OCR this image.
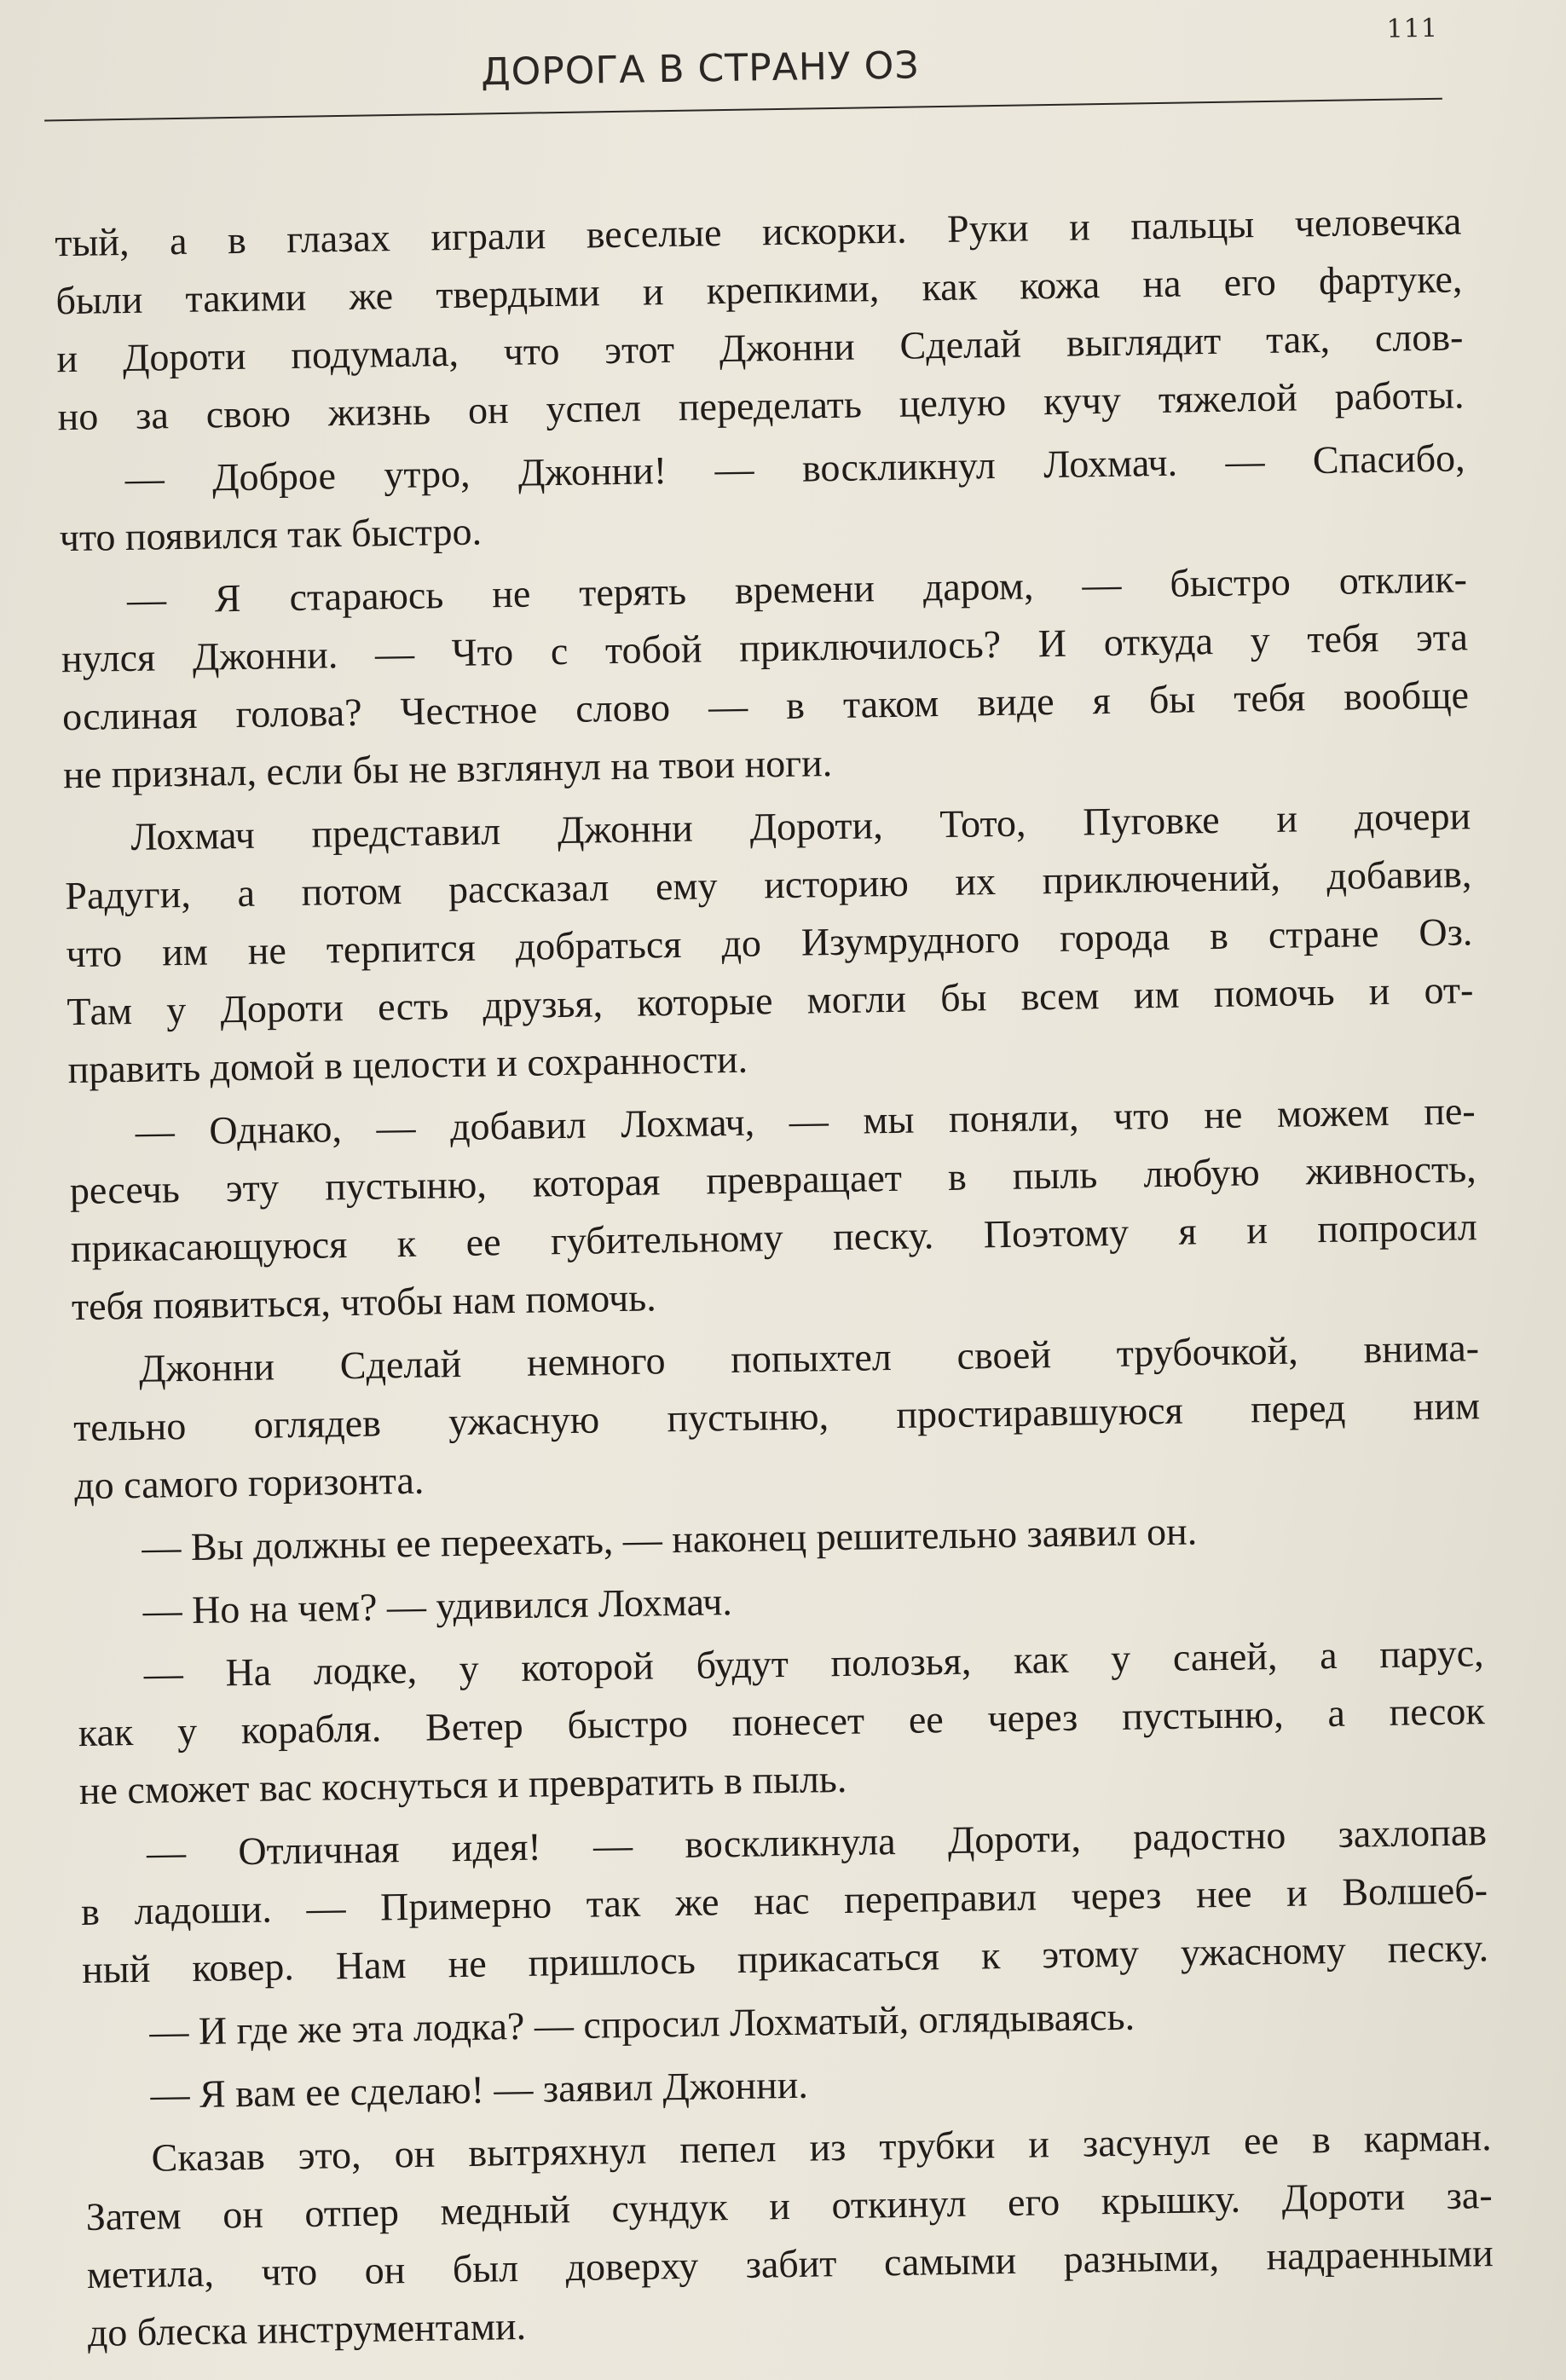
111
ДОРОГА В СТРАНУ ОЗ
тый, а в глазах играли веселые искорки. Руки и пальцы человечка
были такими же твердыми и крепкими, как кожа на его фартуке,
и Дороти подумала, что этот Джонни Сделай выглядит так, слов-
но за свою жизнь он успел переделать целую кучу тяжелой работы.
— Доброе утро, Джонни! — воскликнул Лохмач. — Спасибо,
что появился так быстро.
— Я стараюсь не терять времени даром, — быстро отклик-
нулся Джонни. — Что с тобой приключилось? И откуда у тебя эта
ослиная голова? Честное слово — в таком виде я бы тебя вообще
не признал, если бы не взглянул на твои ноги.
Лохмач представил Джонни Дороти, Тото, Пуговке и дочери
Радуги, а потом рассказал ему историю их приключений, добавив,
что им не терпится добраться до Изумрудного города в стране Оз.
Там у Дороти есть друзья, которые могли бы всем им помочь и от-
править домой в целости и сохранности.
— Однако, — добавил Лохмач, — мы поняли, что не можем пе-
ресечь эту пустыню, которая превращает в пыль любую живность,
прикасающуюся к ее губительному песку. Поэтому я и попросил
тебя появиться, чтобы нам помочь.
Джонни Сделай немного попыхтел своей трубочкой, внима-
тельно оглядев ужасную пустыню, простиравшуюся перед ним
до самого горизонта.
— Вы должны ее переехать, — наконец решительно заявил он.
— Но на чем? — удивился Лохмач.
— На лодке, у которой будут полозья, как у саней, а парус,
как у корабля. Ветер быстро понесет ее через пустыню, а песок
не сможет вас коснуться и превратить в пыль.
— Отличная идея! — воскликнула Дороти, радостно захлопав
в ладоши. — Примерно так же нас переправил через нее и Волшеб-
ный ковер. Нам не пришлось прикасаться к этому ужасному песку.
— И где же эта лодка? — спросил Лохматый, оглядываясь.
— Я вам ее сделаю! — заявил Джонни.
Сказав это, он вытряхнул пепел из трубки и засунул ее в карман.
Затем он отпер медный сундук и откинул его крышку. Дороти за-
метила, что он был доверху забит самыми разными, надраенными
до блеска инструментами.
